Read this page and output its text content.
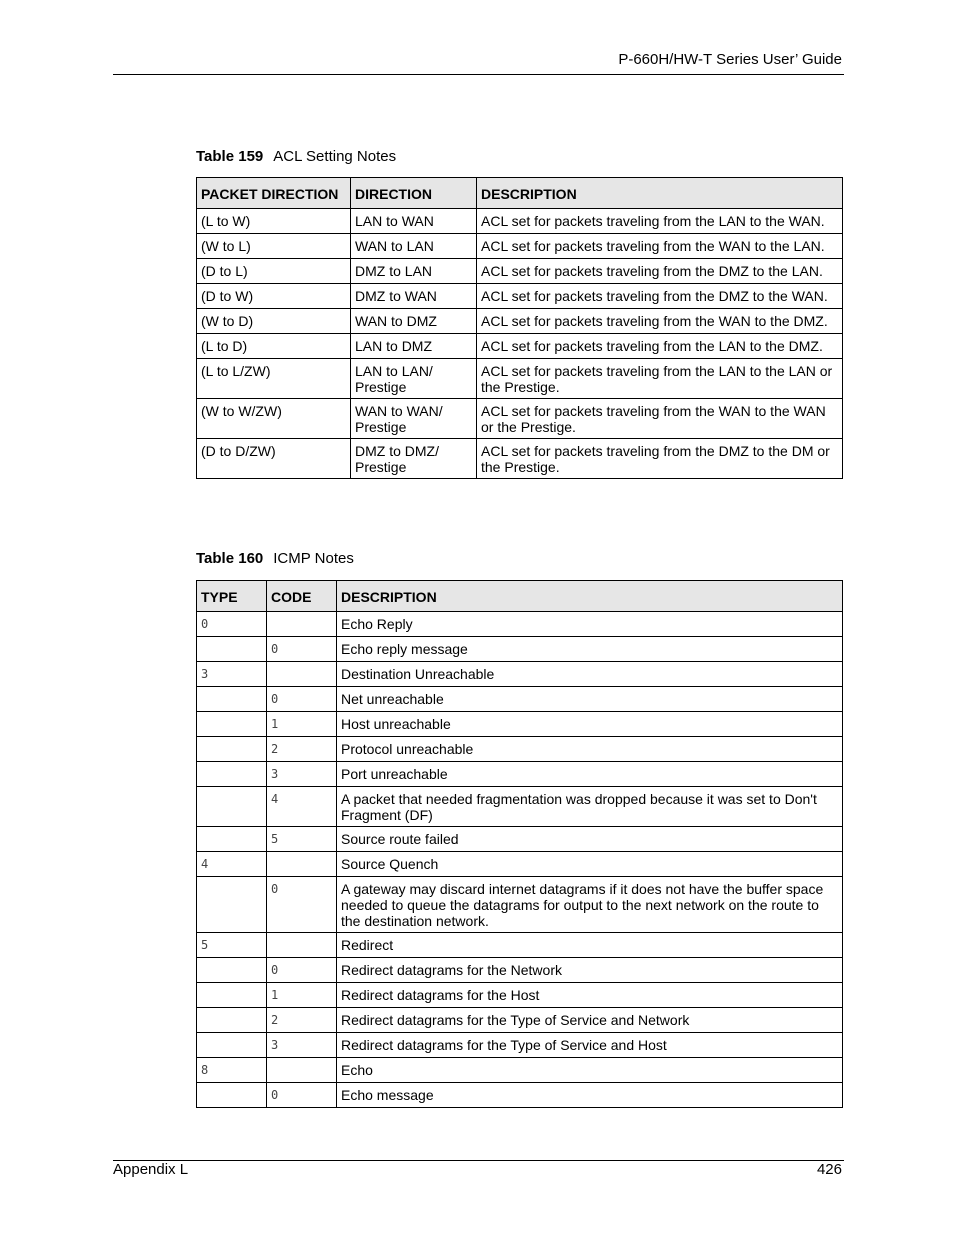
P-660H/HW-T Series User’ Guide
Table 159 ACL Setting Notes
PACKET DIRECTION	DIRECTION	DESCRIPTION
(L to W)	LAN to WAN	ACL set for packets traveling from the LAN to the WAN.
(W to L)	WAN to LAN	ACL set for packets traveling from the WAN to the LAN.
(D to L)	DMZ to LAN	ACL set for packets traveling from the DMZ to the LAN.
(D to W)	DMZ to WAN	ACL set for packets traveling from the DMZ to the WAN.
(W to D)	WAN to DMZ	ACL set for packets traveling from the WAN to the DMZ.
(L to D)	LAN to DMZ	ACL set for packets traveling from the LAN to the DMZ.
(L to L/ZW)	LAN to LAN/ Prestige	ACL set for packets traveling from the LAN to the LAN or the Prestige.
(W to W/ZW)	WAN to WAN/ Prestige	ACL set for packets traveling from the WAN to the WAN or the Prestige.
(D to D/ZW)	DMZ to DMZ/ Prestige	ACL set for packets traveling from the DMZ to the DM or the Prestige.
Table 160 ICMP Notes
TYPE	CODE	DESCRIPTION
0		Echo Reply
	0	Echo reply message
3		Destination Unreachable
	0	Net unreachable
	1	Host unreachable
	2	Protocol unreachable
	3	Port unreachable
	4	A packet that needed fragmentation was dropped because it was set to Don't Fragment (DF)
	5	Source route failed
4		Source Quench
	0	A gateway may discard internet datagrams if it does not have the buffer space needed to queue the datagrams for output to the next network on the route to the destination network.
5		Redirect
	0	Redirect datagrams for the Network
	1	Redirect datagrams for the Host
	2	Redirect datagrams for the Type of Service and Network
	3	Redirect datagrams for the Type of Service and Host
8		Echo
	0	Echo message
Appendix L	426
